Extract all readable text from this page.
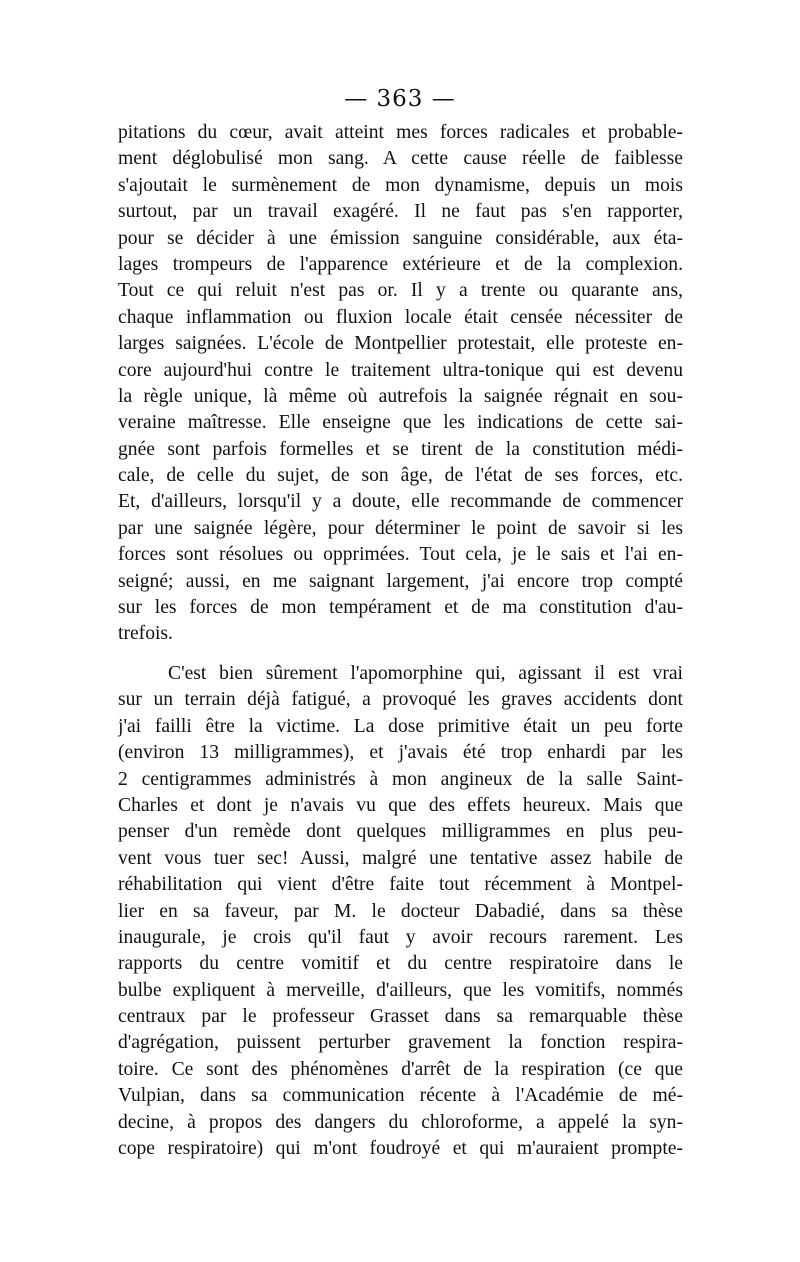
— 363 —

pitations du cœur, avait atteint mes forces radicales et probable-
ment déglobulisé mon sang. A cette cause réelle de faiblesse
s'ajoutait le surmènement de mon dynamisme, depuis un mois
surtout, par un travail exagéré. Il ne faut pas s'en rapporter,
pour se décider à une émission sanguine considérable, aux éta-
lages trompeurs de l'apparence extérieure et de la complexion.
Tout ce qui reluit n'est pas or. Il y a trente ou quarante ans,
chaque inflammation ou fluxion locale était censée nécessiter de
larges saignées. L'école de Montpellier protestait, elle proteste en-
core aujourd'hui contre le traitement ultra-tonique qui est devenu
la règle unique, là même où autrefois la saignée régnait en sou-
veraine maîtresse. Elle enseigne que les indications de cette sai-
gnée sont parfois formelles et se tirent de la constitution médi-
cale, de celle du sujet, de son âge, de l'état de ses forces, etc.
Et, d'ailleurs, lorsqu'il y a doute, elle recommande de commencer
par une saignée légère, pour déterminer le point de savoir si les
forces sont résolues ou opprimées. Tout cela, je le sais et l'ai en-
seigné; aussi, en me saignant largement, j'ai encore trop compté
sur les forces de mon tempérament et de ma constitution d'au-
trefois.
C'est bien sûrement l'apomorphine qui, agissant il est vrai
sur un terrain déjà fatigué, a provoqué les graves accidents dont
j'ai failli être la victime. La dose primitive était un peu forte
(environ 13 milligrammes), et j'avais été trop enhardi par les
2 centigrammes administrés à mon angineux de la salle Saint-
Charles et dont je n'avais vu que des effets heureux. Mais que
penser d'un remède dont quelques milligrammes en plus peu-
vent vous tuer sec! Aussi, malgré une tentative assez habile de
réhabilitation qui vient d'être faite tout récemment à Montpel-
lier en sa faveur, par M. le docteur Dabadié, dans sa thèse
inaugurale, je crois qu'il faut y avoir recours rarement. Les
rapports du centre vomitif et du centre respiratoire dans le
bulbe expliquent à merveille, d'ailleurs, que les vomitifs, nommés
centraux par le professeur Grasset dans sa remarquable thèse
d'agrégation, puissent perturber gravement la fonction respira-
toire. Ce sont des phénomènes d'arrêt de la respiration (ce que
Vulpian, dans sa communication récente à l'Académie de mé-
decine, à propos des dangers du chloroforme, a appelé la syn-
cope respiratoire) qui m'ont foudroyé et qui m'auraient prompte-
